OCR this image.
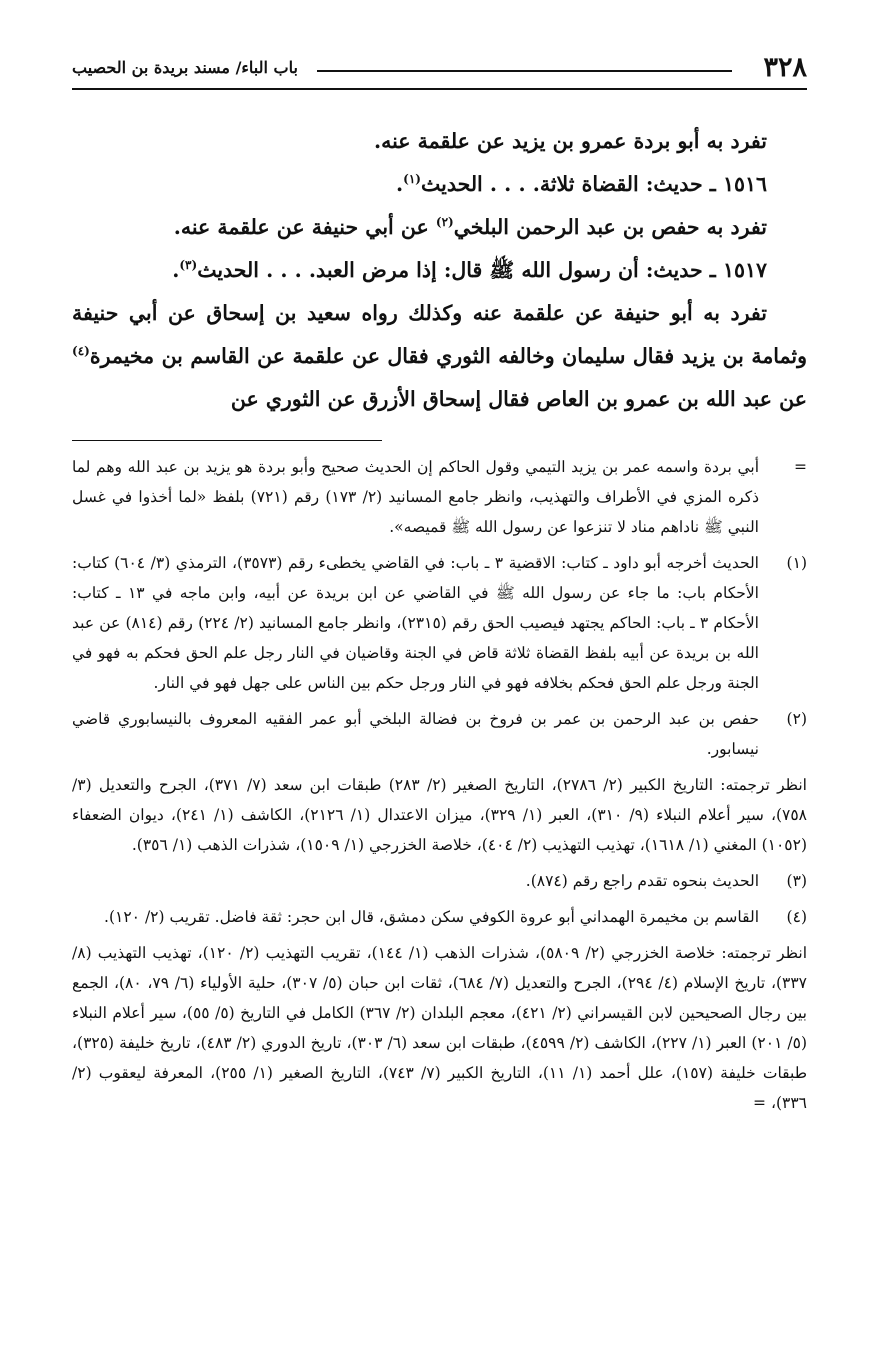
٣٢٨
باب الباء/ مسند بريدة بن الحصيب

تفرد به أبو بردة عمرو بن يزيد عن علقمة عنه.

١٥١٦ ـ حديث: القضاة ثلاثة. . . . الحديث$^{(١)}$.

تفرد به حفص بن عبد الرحمن البلخي$^{(٢)}$ عن أبي حنيفة عن علقمة عنه.

١٥١٧ ـ حديث: أن رسول الله ﷺ قال: إذا مرض العبد. . . . الحديث$^{(٣)}$.

تفرد به أبو حنيفة عن علقمة عنه وكذلك رواه سعيد بن إسحاق عن أبي حنيفة وثمامة بن يزيد فقال سليمان وخالفه الثوري فقال عن علقمة عن القاسم بن مخيمرة$^{(٤)}$ عن عبد الله بن عمرو بن العاص فقال إسحاق الأزرق عن الثوري عن

=

أبي بردة واسمه عمر بن يزيد التيمي وقول الحاكم إن الحديث صحيح وأبو بردة هو يزيد بن عبد الله وهم لما ذكره المزي في الأطراف والتهذيب، وانظر جامع المسانيد (٢/ ١٧٣) رقم (٧٢١) بلفظ «لما أخذوا في غسل النبي ﷺ ناداهم مناد لا تنزعوا عن رسول الله ﷺ قميصه».

(١)

الحديث أخرجه أبو داود ـ كتاب: الاقضية ٣ ـ باب: في القاضي يخطىء رقم (٣٥٧٣)، الترمذي (٣/ ٦٠٤) كتاب: الأحكام باب: ما جاء عن رسول الله ﷺ في القاضي عن ابن بريدة عن أبيه، وابن ماجه في ١٣ ـ كتاب: الأحكام ٣ ـ باب: الحاكم يجتهد فيصيب الحق رقم (٢٣١٥)، وانظر جامع المسانيد (٢/ ٢٢٤) رقم (٨١٤) عن عبد الله بن بريدة عن أبيه بلفظ القضاة ثلاثة قاض في الجنة وقاضيان في النار رجل علم الحق فحكم به فهو في الجنة ورجل علم الحق فحكم بخلافه فهو في النار ورجل حكم بين الناس على جهل فهو في النار.

(٢)

حفص بن عبد الرحمن بن عمر بن فروخ بن فضالة البلخي أبو عمر الفقيه المعروف بالنيسابوري قاضي نيسابور.

انظر ترجمته: التاريخ الكبير (٢/ ٢٧٨٦)، التاريخ الصغير (٢/ ٢٨٣) طبقات ابن سعد (٧/ ٣٧١)، الجرح والتعديل (٣/ ٧٥٨)، سير أعلام النبلاء (٩/ ٣١٠)، العبر (١/ ٣٢٩)، ميزان الاعتدال (١/ ٢١٢٦)، الكاشف (١/ ٢٤١)، ديوان الضعفاء (١٠٥٢) المغني (١/ ١٦١٨)، تهذيب التهذيب (٢/ ٤٠٤)، خلاصة الخزرجي (١/ ١٥٠٩)، شذرات الذهب (١/ ٣٥٦).

(٣)

الحديث بنحوه تقدم راجع رقم (٨٧٤).

(٤)

القاسم بن مخيمرة الهمداني أبو عروة الكوفي سكن دمشق، قال ابن حجر: ثقة فاضل. تقريب (٢/ ١٢٠).

انظر ترجمته: خلاصة الخزرجي (٢/ ٥٨٠٩)، شذرات الذهب (١/ ١٤٤)، تقريب التهذيب (٢/ ١٢٠)، تهذيب التهذيب (٨/ ٣٣٧)، تاريخ الإسلام (٤/ ٢٩٤)، الجرح والتعديل (٧/ ٦٨٤)، ثقات ابن حبان (٥/ ٣٠٧)، حلية الأولياء (٦/ ٧٩، ٨٠)، الجمع بين رجال الصحيحين لابن القيسراني (٢/ ٤٢١)، معجم البلدان (٢/ ٣٦٧) الكامل في التاريخ (٥/ ٥٥)، سير أعلام النبلاء (٥/ ٢٠١) العبر (١/ ٢٢٧)، الكاشف (٢/ ٤٥٩٩)، طبقات ابن سعد (٦/ ٣٠٣)، تاريخ الدوري (٢/ ٤٨٣)، تاريخ خليفة (٣٢٥)، طبقات خليفة (١٥٧)، علل أحمد (١/ ١١)، التاريخ الكبير (٧/ ٧٤٣)، التاريخ الصغير (١/ ٢٥٥)، المعرفة ليعقوب (٢/ ٣٣٦)، =
